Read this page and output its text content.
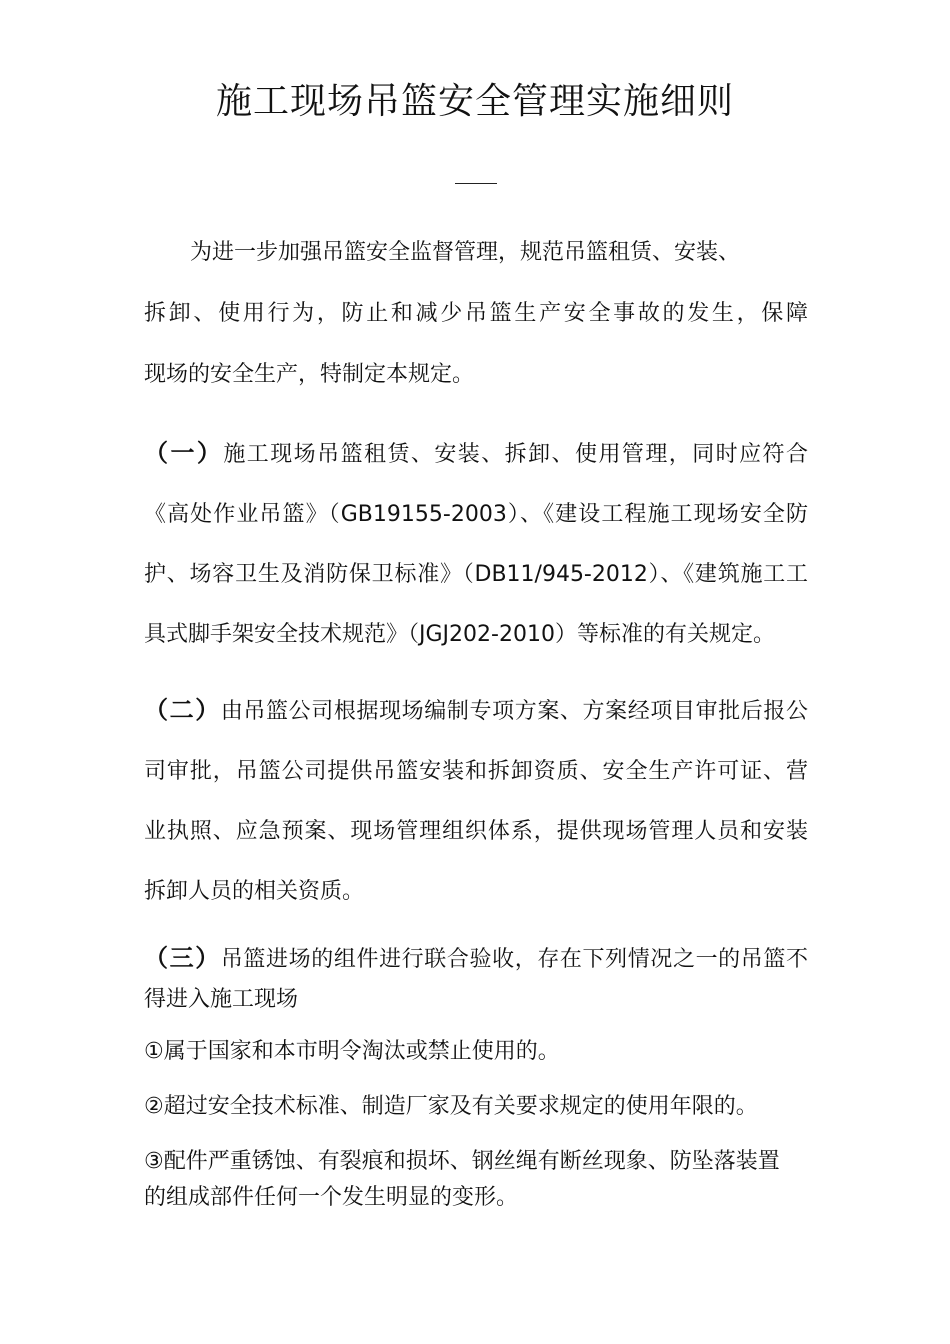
施工现场吊篮安全管理实施细则
为进一步加强吊篮安全监督管理，规范吊篮租赁、安装、
拆卸、使用行为，防止和减少吊篮生产安全事故的发生，保障
现场的安全生产，特制定本规定。
（一）施工现场吊篮租赁、安装、拆卸、使用管理，同时应符合
《高处作业吊篮》（GB19155-2003）、《建设工程施工现场安全防
护、场容卫生及消防保卫标准》（DB11/945-2012）、《建筑施工工
具式脚手架安全技术规范》（JGJ202-2010）等标准的有关规定。
（二）由吊篮公司根据现场编制专项方案、方案经项目审批后报公
司审批，吊篮公司提供吊篮安装和拆卸资质、安全生产许可证、营
业执照、应急预案、现场管理组织体系，提供现场管理人员和安装
拆卸人员的相关资质。
（三）吊篮进场的组件进行联合验收，存在下列情况之一的吊篮不
得进入施工现场
①属于国家和本市明令淘汰或禁止使用的。
②超过安全技术标准、制造厂家及有关要求规定的使用年限的。
③配件严重锈蚀、有裂痕和损坏、钢丝绳有断丝现象、防坠落装置
的组成部件任何一个发生明显的变形。
